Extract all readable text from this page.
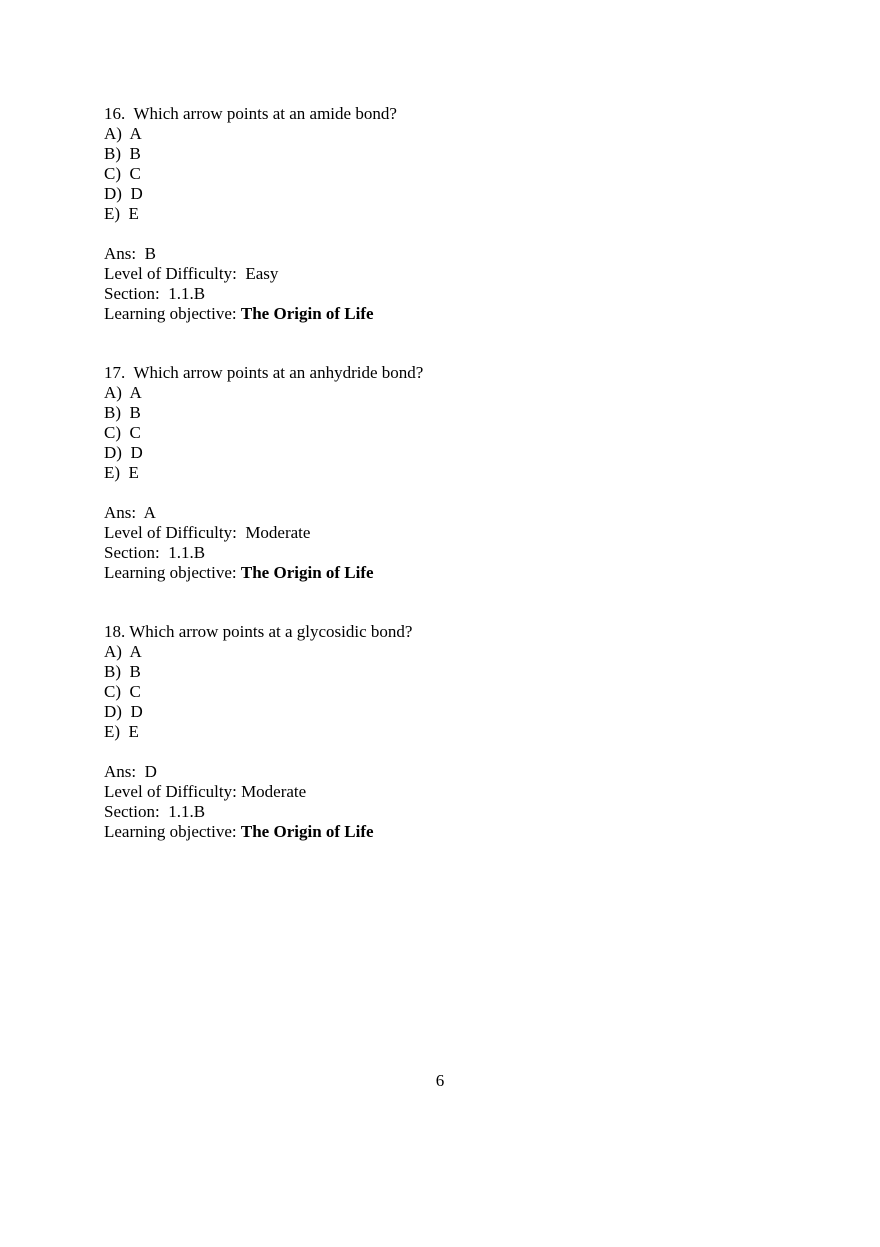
16.  Which arrow points at an amide bond?
A)  A
B)  B
C)  C
D)  D
E)  E
Ans:  B
Level of Difficulty:  Easy
Section:  1.1.B
Learning objective: The Origin of Life
17.  Which arrow points at an anhydride bond?
A)  A
B)  B
C)  C
D)  D
E)  E
Ans:  A
Level of Difficulty:  Moderate
Section:  1.1.B
Learning objective: The Origin of Life
18. Which arrow points at a glycosidic bond?
A)  A
B)  B
C)  C
D)  D
E)  E
Ans:  D
Level of Difficulty: Moderate
Section:  1.1.B
Learning objective: The Origin of Life
6
